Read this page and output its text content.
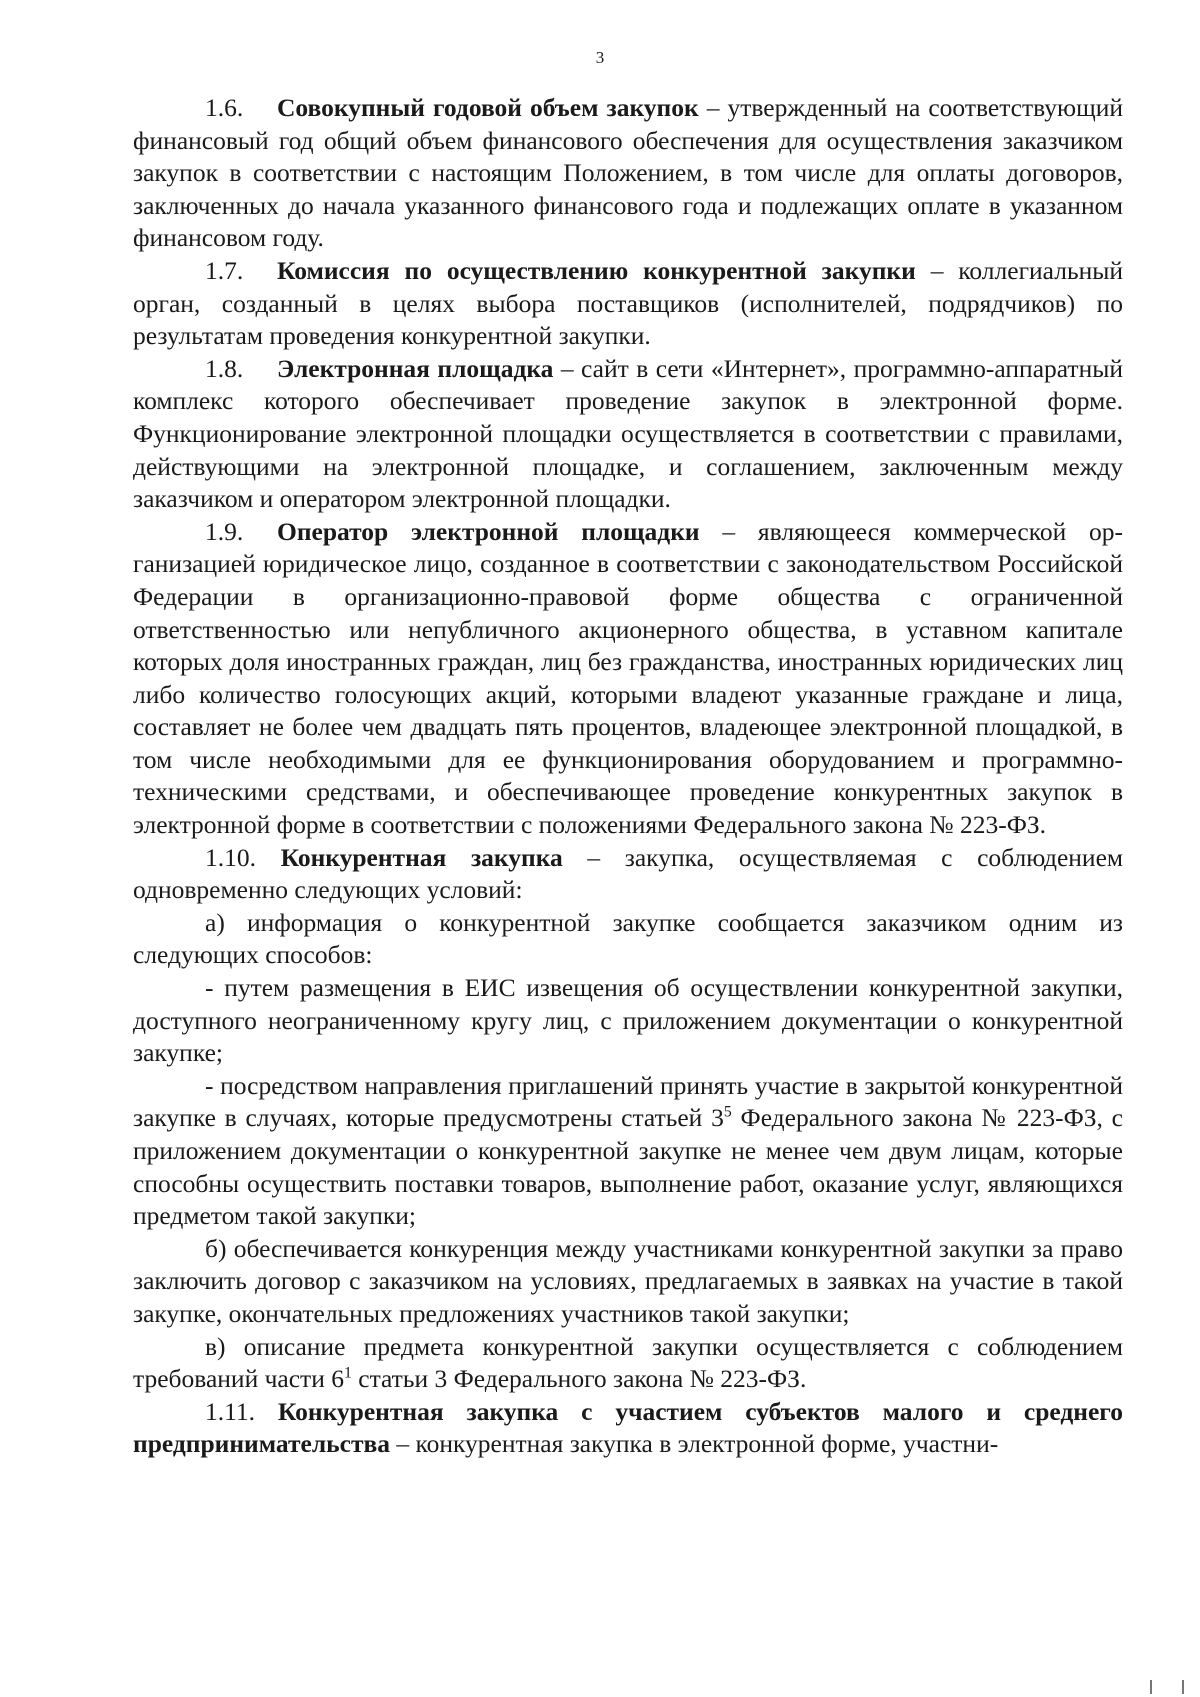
3

1.6. Совокупный годовой объем закупок – утвержденный на соответствующий финансовый год общий объем финансового обеспечения для осуществления заказчиком закупок в соответствии с настоящим Положением, в том числе для оплаты договоров, заключенных до начала указанного финансового года и подлежащих оплате в указанном финансовом году.

1.7. Комиссия по осуществлению конкурентной закупки – коллегиальный орган, созданный в целях выбора поставщиков (исполнителей, подрядчиков) по результатам проведения конкурентной закупки.

1.8. Электронная площадка – сайт в сети «Интернет», программно-аппаратный комплекс которого обеспечивает проведение закупок в электронной форме. Функционирование электронной площадки осуществляется в соответствии с правилами, действующими на электронной площадке, и соглашением, заключенным между заказчиком и оператором электронной площадки.

1.9. Оператор электронной площадки – являющееся коммерческой организацией юридическое лицо, созданное в соответствии с законодательством Российской Федерации в организационно-правовой форме общества с ограниченной ответственностью или непубличного акционерного общества, в уставном капитале которых доля иностранных граждан, лиц без гражданства, иностранных юридических лиц либо количество голосующих акций, которыми владеют указанные граждане и лица, составляет не более чем двадцать пять процентов, владеющее электронной площадкой, в том числе необходимыми для ее функционирования оборудованием и программно-техническими средствами, и обеспечивающее проведение конкурентных закупок в электронной форме в соответствии с положениями Федерального закона № 223-ФЗ.

1.10. Конкурентная закупка – закупка, осуществляемая с соблюдением одновременно следующих условий:

а) информация о конкурентной закупке сообщается заказчиком одним из следующих способов:

- путем размещения в ЕИС извещения об осуществлении конкурентной закупки, доступного неограниченному кругу лиц, с приложением документации о конкурентной закупке;

- посредством направления приглашений принять участие в закрытой конкурентной закупке в случаях, которые предусмотрены статьей $3^5$ Федерального закона № 223-ФЗ, с приложением документации о конкурентной закупке не менее чем двум лицам, которые способны осуществить поставки товаров, выполнение работ, оказание услуг, являющихся предметом такой закупки;

б) обеспечивается конкуренция между участниками конкурентной закупки за право заключить договор с заказчиком на условиях, предлагаемых в заявках на участие в такой закупке, окончательных предложениях участников такой закупки;

в) описание предмета конкурентной закупки осуществляется с соблюдением требований части $6^1$ статьи 3 Федерального закона № 223-ФЗ.

1.11. Конкурентная закупка с участием субъектов малого и среднего предпринимательства – конкурентная закупка в электронной форме, участни-
